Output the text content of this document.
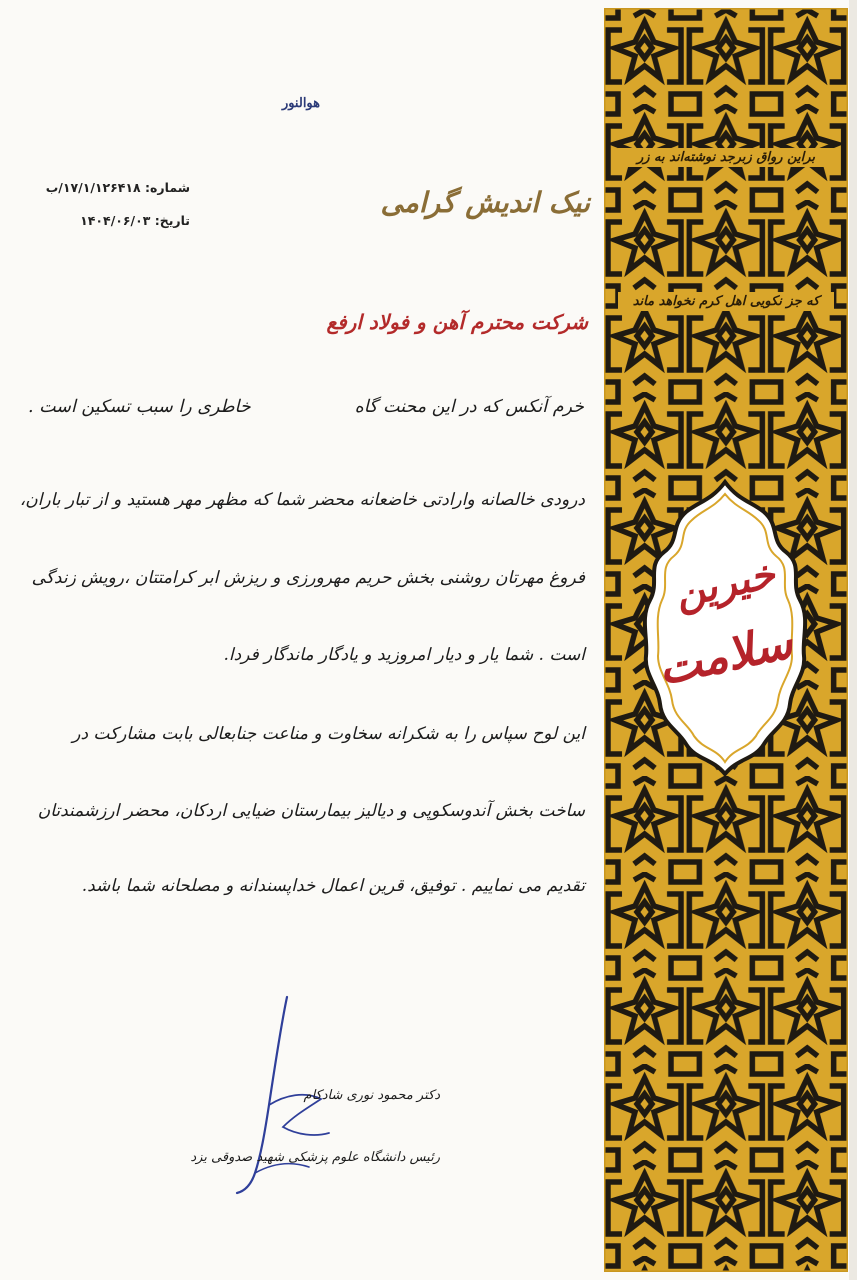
براین رواق زبرجد نوشته‌اند به زر
که جز نکویی اهل کرم نخواهد ماند
خیرین
سلامت
هوالنور
شماره: ۱۷/۱/۱۲۶۴۱۸/ب
تاریخ: ۱۴۰۴/۰۶/۰۳
نیک اندیش گرامی
شرکت محترم آهن و فولاد ارفع
خرم آنکس که در این محنت گاه
خاطری را سبب تسکین است .
درودی خالصانه وارادتی خاضعانه محضر شما که مظهر مهر هستید و از تبار باران،
فروغ مهرتان روشنی بخش حریم مهرورزی و ریزش ابر کرامتتان ،رویش زندگی
است . شما یار و دیار امروزید و یادگار ماندگار فردا.
این لوح سپاس را به شکرانه سخاوت و مناعت جنابعالی بابت مشارکت در
ساخت بخش آندوسکوپی و دیالیز بیمارستان ضیایی اردکان، محضر ارزشمندتان
تقدیم می نماییم . توفیق، قرین اعمال خداپسندانه و مصلحانه شما باشد.
دکتر محمود نوری شادکام
رئیس دانشگاه علوم پزشکی شهید صدوقی یزد
